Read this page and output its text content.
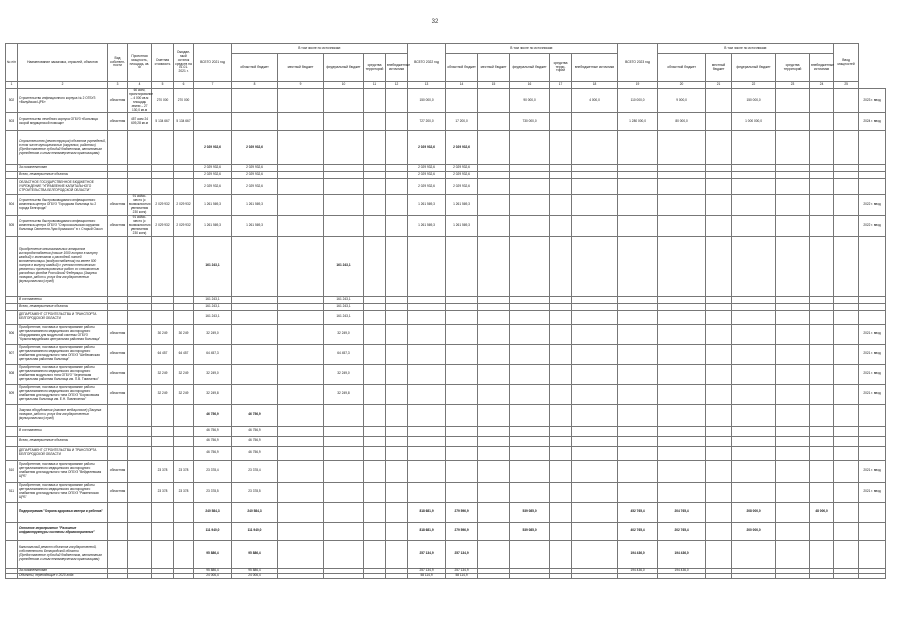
32
№ п/п	Наименование заказчика, отраслей, объектов	Вид собствен-ности	Проектная мощность, площадь, кв. м	Сметная стоимость	Ожидае-мый остаток средств на 01.01. 2021 г.	ВСЕГО 2021 год	В том числе по источникам:					ВСЕГО 2022 год	В том числе по источникам:					ВСЕГО 2023 год	В том числе по источникам:					Ввод мощностей	
							областной бюджет	местный бюджет	федеральный бюджет	средства территорий	внебюджетные источники		областной бюджет	местный бюджет	федеральный бюджет	средства терри- торий	внебюджетные источники		областной бюджет	местный бюджет	федеральный бюджет	средства территорий	внебюджетные источники		
1	2	3	4	5	6	7	8	9	10	11	12	13	14	15	16	17	18	19	20	21	22	23	24	25	
502	Строительство инфекционного корпуса № 2 ОГБУЗ «Валуйская ЦРБ»	областная	60 коек, проектирование – 4 000 кв.м площадь земли – 27 130,0 кв.м	270 000	270 000							150 000,0			90 000,0		4 000,0	110 000,0	9 000,0		150 000,0				2023 г. ввод
503	Строительство лечебного корпуса ОГБУЗ «Больница скорой медицинской помощи»	областная	457 коек 24 609,28 кв.м	5 134 667	5 134 667							727 200,0	17 200,0		730 000,0			1 280 000,0	80 000,0		1 000 000,0				2024 г. ввод
	Строительство (реконструкция) объектов учреждений, в том числе муниципальных (окружных, районных) (Предоставление субсидий бюджетным, автономным учреждениям и иным некоммерческим организациям)					2 029 932,6	2 029 932,6					2 029 932,6	2 029 932,6												
	За скомплектован					2 029 932,6	2 029 932,6					2 029 932,6	2 029 932,6												
	Всего, незавершенные объекты					2 029 932,6	2 029 932,6					2 029 932,6	2 029 932,6												
	ОБЛАСТНОЕ ГОСУДАРСТВЕННОЕ БЮДЖЕТНОЕ УЧРЕЖДЕНИЕ "УПРАВЛЕНИЕ КАПИТАЛЬНОГО СТРОИТЕЛЬСТВА БЕЛГОРОДСКОЙ ОБЛАСТИ"					2 029 932,6	2 029 932,6					2 029 932,6	2 029 932,6												
504	Строительство быстровозводимого инфекционного комплекса-центра ОГБУЗ "Городская больница № 2 города Белгорода"	областная	91 койко-место (с возможностью увеличения 230 коек)	2 029 932	2 029 932	1 261 569,3	1 261 569,3					1 261 569,3	1 261 569,3												2022 г. ввод
505	Строительство быстровозводимого инфекционного комплекса-центра ОГБУЗ "Старооскольская окружная больница Святителя Луки Крымского" в г. Старый Оскол	областная	91 койко-место (с возможностью увеличения 230 коек)	2 029 932	2 029 932	1 261 569,3	1 261 569,3					1 261 569,3	1 261 569,3												2022 г. ввод
	Приобретение многоканальных аппаратов кислородоснабжения (свыше 1000 литров в минуту каждый) с монтажом и расходной линией моновентиляции (воздухоснабжения) на менее 500 литров в минуту каждый) с учетом технического ремонта и проектировочных работ со стоимостью расходных фондов Российской Федерации (Закупка товаров, работ и услуг для государственных (муниципальных) нужд)					161 243,1			161 243,1																
	В составлении					161 243,1			161 243,1																
	Всего, незавершенные объекты					161 243,1			161 243,1																
	ДЕПАРТАМЕНТ СТРОИТЕЛЬСТВА И ТРАНСПОРТА БЕЛГОРОДСКОЙ ОБЛАСТИ					161 243,1			161 243,1																
506	Приобретение, поставка и проектирование работы централизованного медицинского кислородного оборудования для модульной системы ОГБУЗ "Красногвардейская центральная районная больница"	областная		30 249	30 249	32 249,0			32 249,0																2021 г. ввод
507	Приобретение, поставка и проектирование работы централизованного медицинского кислородного снабжения для модульного типа ОГБУЗ "Шебекинская центральная районная больница"	областная		64 457	64 457	64 457,3			64 457,3																2021 г. ввод
508	Приобретение, поставка и проектирование работы централизованного медицинского кислородного снабжения модульного типа ОГБУЗ "Чернянская центральная районная больница им. П.В. Тимоченко"	областная		32 249	32 249	32 249,0			32 249,0																2021 г. ввод
509	Приобретение, поставка и проектирование работы централизованного медицинского кислородного снабжения для модульного типа ОГБУЗ "Борисовская центральная больница им. Е.Н. Павлюченко"	областная		32 249	32 249	32 249,8			32 249,8																2021 г. ввод
	Закупка оборудования (газовое медицинское) (Закупка товаров, работ и услуг для государственных (муниципальных) нужд)					46 756,9	46 756,9																		
	В составлении					46 756,9	46 756,9																		
	Всего, незавершенные объекты					46 756,9	46 756,9																		
	ДЕПАРТАМЕНТ СТРОИТЕЛЬСТВА И ТРАНСПОРТА БЕЛГОРОДСКОЙ ОБЛАСТИ					46 756,9	46 756,9																		
510	Приобретение, поставка и проектирование работы централизованного медицинского кислородного снабжения для модульного типа ОГБУЗ "Вейделевская ЦРБ"	областная		23 378	23 378	23 378,4	23 378,4																		2021 г. ввод
511	Приобретение, поставка и проектирование работы централизованного медицинского кислородного снабжения для модульного типа ОГБУЗ "Ракитянская ЦРБ"	областная		23 378	23 378	23 378,5	23 378,5																		2021 г. ввод
	Подпрограмма "Охрана здоровья матери и ребенка"					240 584,3	240 584,3					818 681,9	279 596,9		539 085,0			452 765,4	204 765,4		208 000,0		48 000,0		
	Основное мероприятие "Развитие инфраструктуры системы здравоохранения"					111 940,0	111 940,0					818 681,9	279 596,9		539 085,0			402 765,4	202 765,4		200 000,0				
	Капитальный ремонт объектов государственной, собственности Белгородской области (Предоставление субсидий бюджетным, автономным учреждениям и иным некоммерческим организациям)					95 886,4	95 886,4					257 134,9	257 134,9					194 436,0	194 436,0						
	За скомплектован					95 886,4	95 886,4					257 134,9	257 134,9					194 436,0	194 436,0						
	Объекты, переходящие с 2020 года					24 006,4	24 006,4					58 114,9	58 114,9												
